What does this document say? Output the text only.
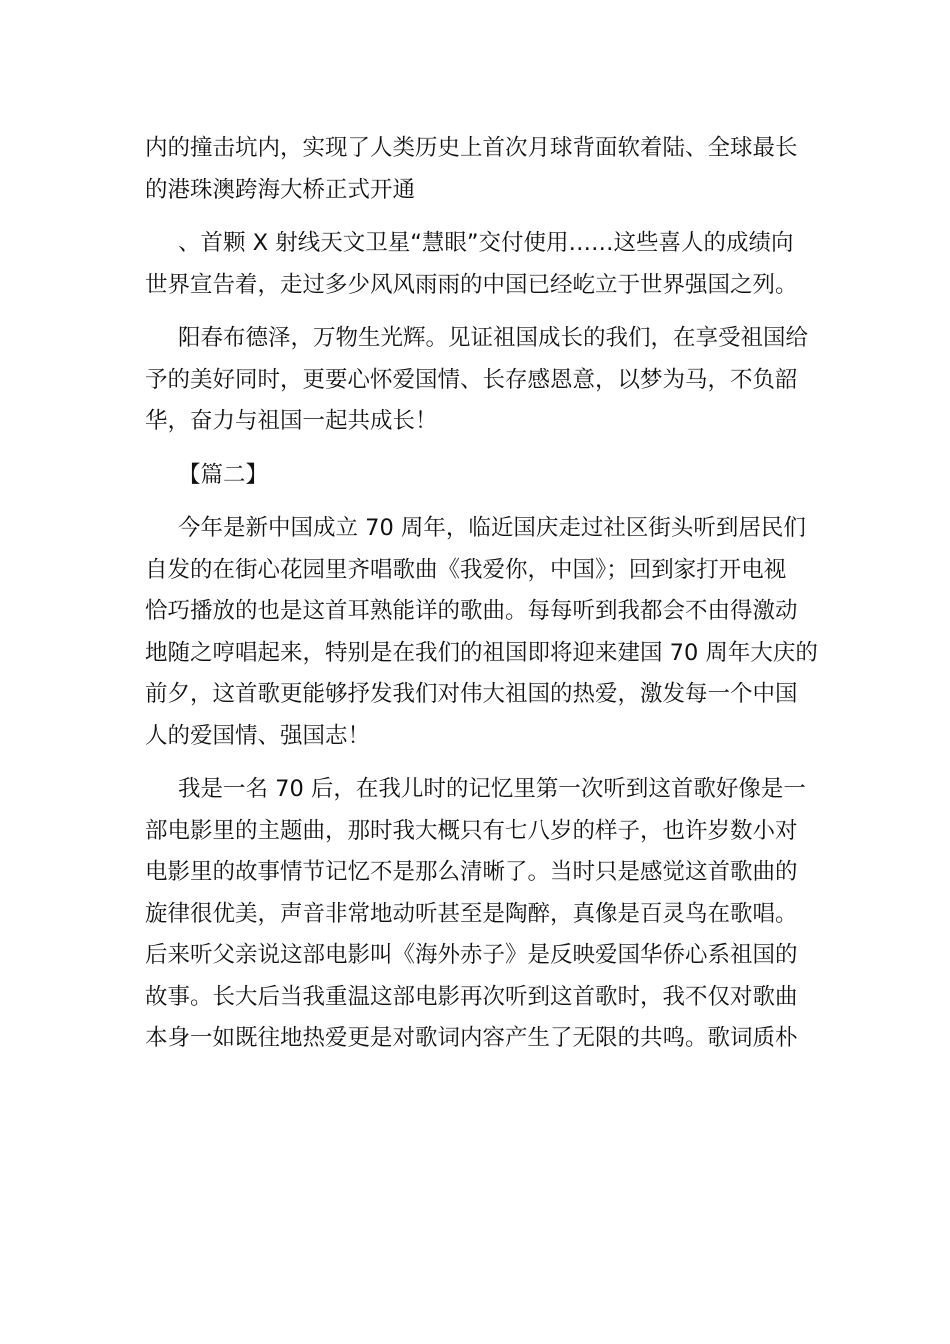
内的撞击坑内，实现了人类历史上首次月球背面软着陆、全球最长
的港珠澳跨海大桥正式开通
、首颗 X 射线天文卫星“慧眼”交付使用……这些喜人的成绩向
世界宣告着，走过多少风风雨雨的中国已经屹立于世界强国之列。
阳春布德泽，万物生光辉。见证祖国成长的我们，在享受祖国给
予的美好同时，更要心怀爱国情、长存感恩意，以梦为马，不负韶
华，奋力与祖国一起共成长！
【篇二】
今年是新中国成立 70 周年，临近国庆走过社区街头听到居民们
自发的在街心花园里齐唱歌曲《我爱你，中国》；回到家打开电视
恰巧播放的也是这首耳熟能详的歌曲。每每听到我都会不由得激动
地随之哼唱起来，特别是在我们的祖国即将迎来建国 70 周年大庆的
前夕，这首歌更能够抒发我们对伟大祖国的热爱，激发每一个中国
人的爱国情、强国志！
我是一名 70 后，在我儿时的记忆里第一次听到这首歌好像是一
部电影里的主题曲，那时我大概只有七八岁的样子，也许岁数小对
电影里的故事情节记忆不是那么清晰了。当时只是感觉这首歌曲的
旋律很优美，声音非常地动听甚至是陶醉，真像是百灵鸟在歌唱。
后来听父亲说这部电影叫《海外赤子》是反映爱国华侨心系祖国的
故事。长大后当我重温这部电影再次听到这首歌时，我不仅对歌曲
本身一如既往地热爱更是对歌词内容产生了无限的共鸣。歌词质朴
